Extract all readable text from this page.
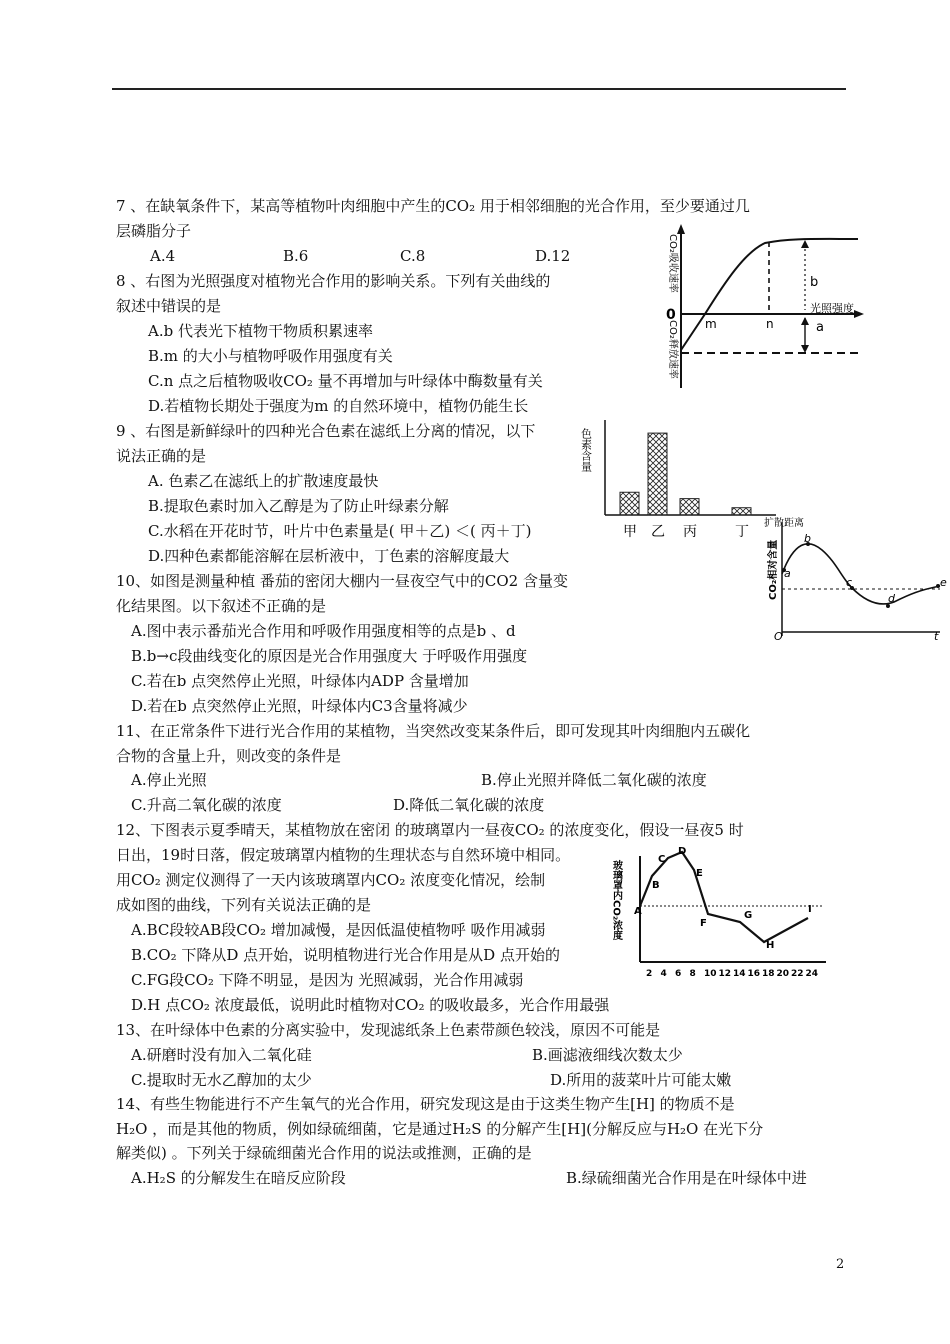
7 、在缺氧条件下，某高等植物叶肉细胞中产生的CO₂ 用于相邻细胞的光合作用，至少要通过几
层磷脂分子
A.4	B.6	C.8	D.12
8 、右图为光照强度对植物光合作用的影响关系。下列有关曲线的
叙述中错误的是
A.b 代表光下植物干物质积累速率
B.m 的大小与植物呼吸作用强度有关
C.n 点之后植物吸收CO₂ 量不再增加与叶绿体中酶数量有关
D.若植物长期处于强度为m 的自然环境中，植物仍能生长
0
m	n
b
a
光照强度
CO₂吸收速率
CO₂释放速率
9 、右图是新鲜绿叶的四种光合色素在滤纸上分离的情况，以下
说法正确的是
A. 色素乙在滤纸上的扩散速度最快
B.提取色素时加入乙醇是为了防止叶绿素分解
C.水稻在开花时节，叶片中色素量是( 甲＋乙) ＜( 丙＋丁)
D.四种色素都能溶解在层析液中，丁色素的溶解度最大
色素含量
甲 乙 丙	丁
扩散距离
a
b
c
d
e
O	t
CO₂相对含量
10、如图是测量种植 番茄的密闭大棚内一昼夜空气中的CO2 含量变
化结果图。以下叙述不正确的是
A.图中表示番茄光合作用和呼吸作用强度相等的点是b 、d
B.b→c段曲线变化的原因是光合作用强度大 于呼吸作用强度
C.若在b 点突然停止光照，叶绿体内ADP 含量增加
D.若在b 点突然停止光照，叶绿体内C3含量将减少
11、在正常条件下进行光合作用的某植物，当突然改变某条件后，即可发现其叶肉细胞内五碳化
合物的含量上升，则改变的条件是
A.停止光照	B.停止光照并降低二氧化碳的浓度
C.升高二氧化碳的浓度	D.降低二氧化碳的浓度
12、下图表示夏季晴天，某植物放在密闭 的玻璃罩内一昼夜CO₂ 的浓度变化，假设一昼夜5 时
日出，19时日落，假定玻璃罩内植物的生理状态与自然环境中相同。
用CO₂ 测定仪测得了一天内该玻璃罩内CO₂ 浓度变化情况，绘制
成如图的曲线，下列有关说法正确的是
A.BC段较AB段CO₂ 增加减慢，是因低温使植物呼 吸作用减弱
B.CO₂ 下降从D 点开始，说明植物进行光合作用是从D 点开始的
C.FG段CO₂ 下降不明显，是因为 光照减弱，光合作用减弱
D.H 点CO₂ 浓度最低，说明此时植物对CO₂ 的吸收最多，光合作用最强
A
B
C
D
E
F
G
H
I
2 4 6 8 10 12 14 16 18 20 22 24
玻璃罩内CO₂浓度
13、在叶绿体中色素的分离实验中，发现滤纸条上色素带颜色较浅，原因不可能是
A.研磨时没有加入二氧化硅	B.画滤液细线次数太少
C.提取时无水乙醇加的太少	D.所用的菠菜叶片可能太嫩
14、有些生物能进行不产生氧气的光合作用，研究发现这是由于这类生物产生[H] 的物质不是
H₂O ，而是其他的物质，例如绿硫细菌，它是通过H₂S 的分解产生[H](分解反应与H₂O 在光下分
解类似) 。下列关于绿硫细菌光合作用的说法或推测，正确的是
A.H₂S 的分解发生在暗反应阶段	B.绿硫细菌光合作用是在叶绿体中进
2
